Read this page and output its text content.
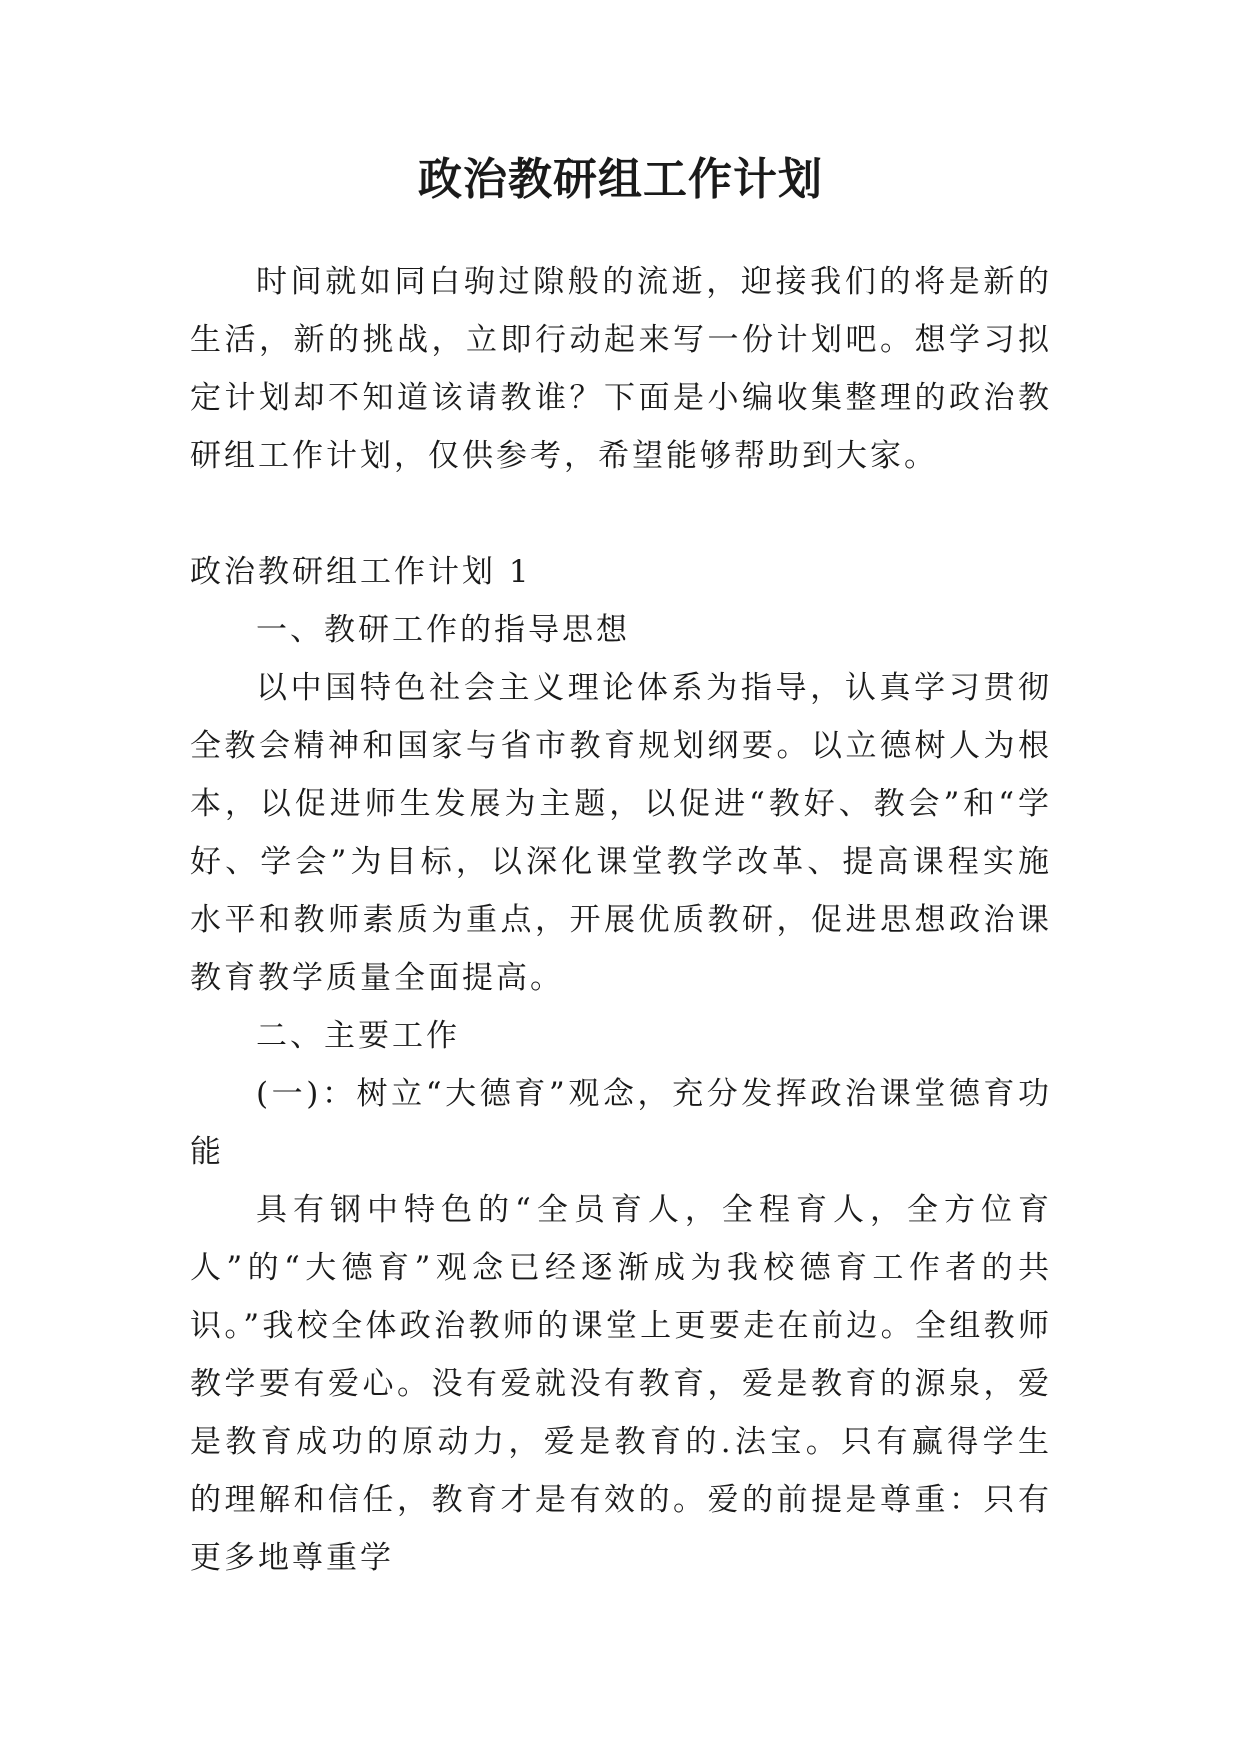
政治教研组工作计划

时间就如同白驹过隙般的流逝，迎接我们的将是新的生活，新的挑战，立即行动起来写一份计划吧。想学习拟定计划却不知道该请教谁？下面是小编收集整理的政治教研组工作计划，仅供参考，希望能够帮助到大家。

政治教研组工作计划 1

一、教研工作的指导思想

以中国特色社会主义理论体系为指导，认真学习贯彻全教会精神和国家与省市教育规划纲要。以立德树人为根本，以促进师生发展为主题，以促进“教好、教会”和“学好、学会”为目标，以深化课堂教学改革、提高课程实施水平和教师素质为重点，开展优质教研，促进思想政治课教育教学质量全面提高。

二、主要工作

(一)：树立“大德育”观念，充分发挥政治课堂德育功能

具有钢中特色的“全员育人，全程育人，全方位育人”的“大德育”观念已经逐渐成为我校德育工作者的共识。”我校全体政治教师的课堂上更要走在前边。全组教师教学要有爱心。没有爱就没有教育，爱是教育的源泉，爱是教育成功的原动力，爱是教育的.法宝。只有赢得学生的理解和信任，教育才是有效的。爱的前提是尊重：只有更多地尊重学
